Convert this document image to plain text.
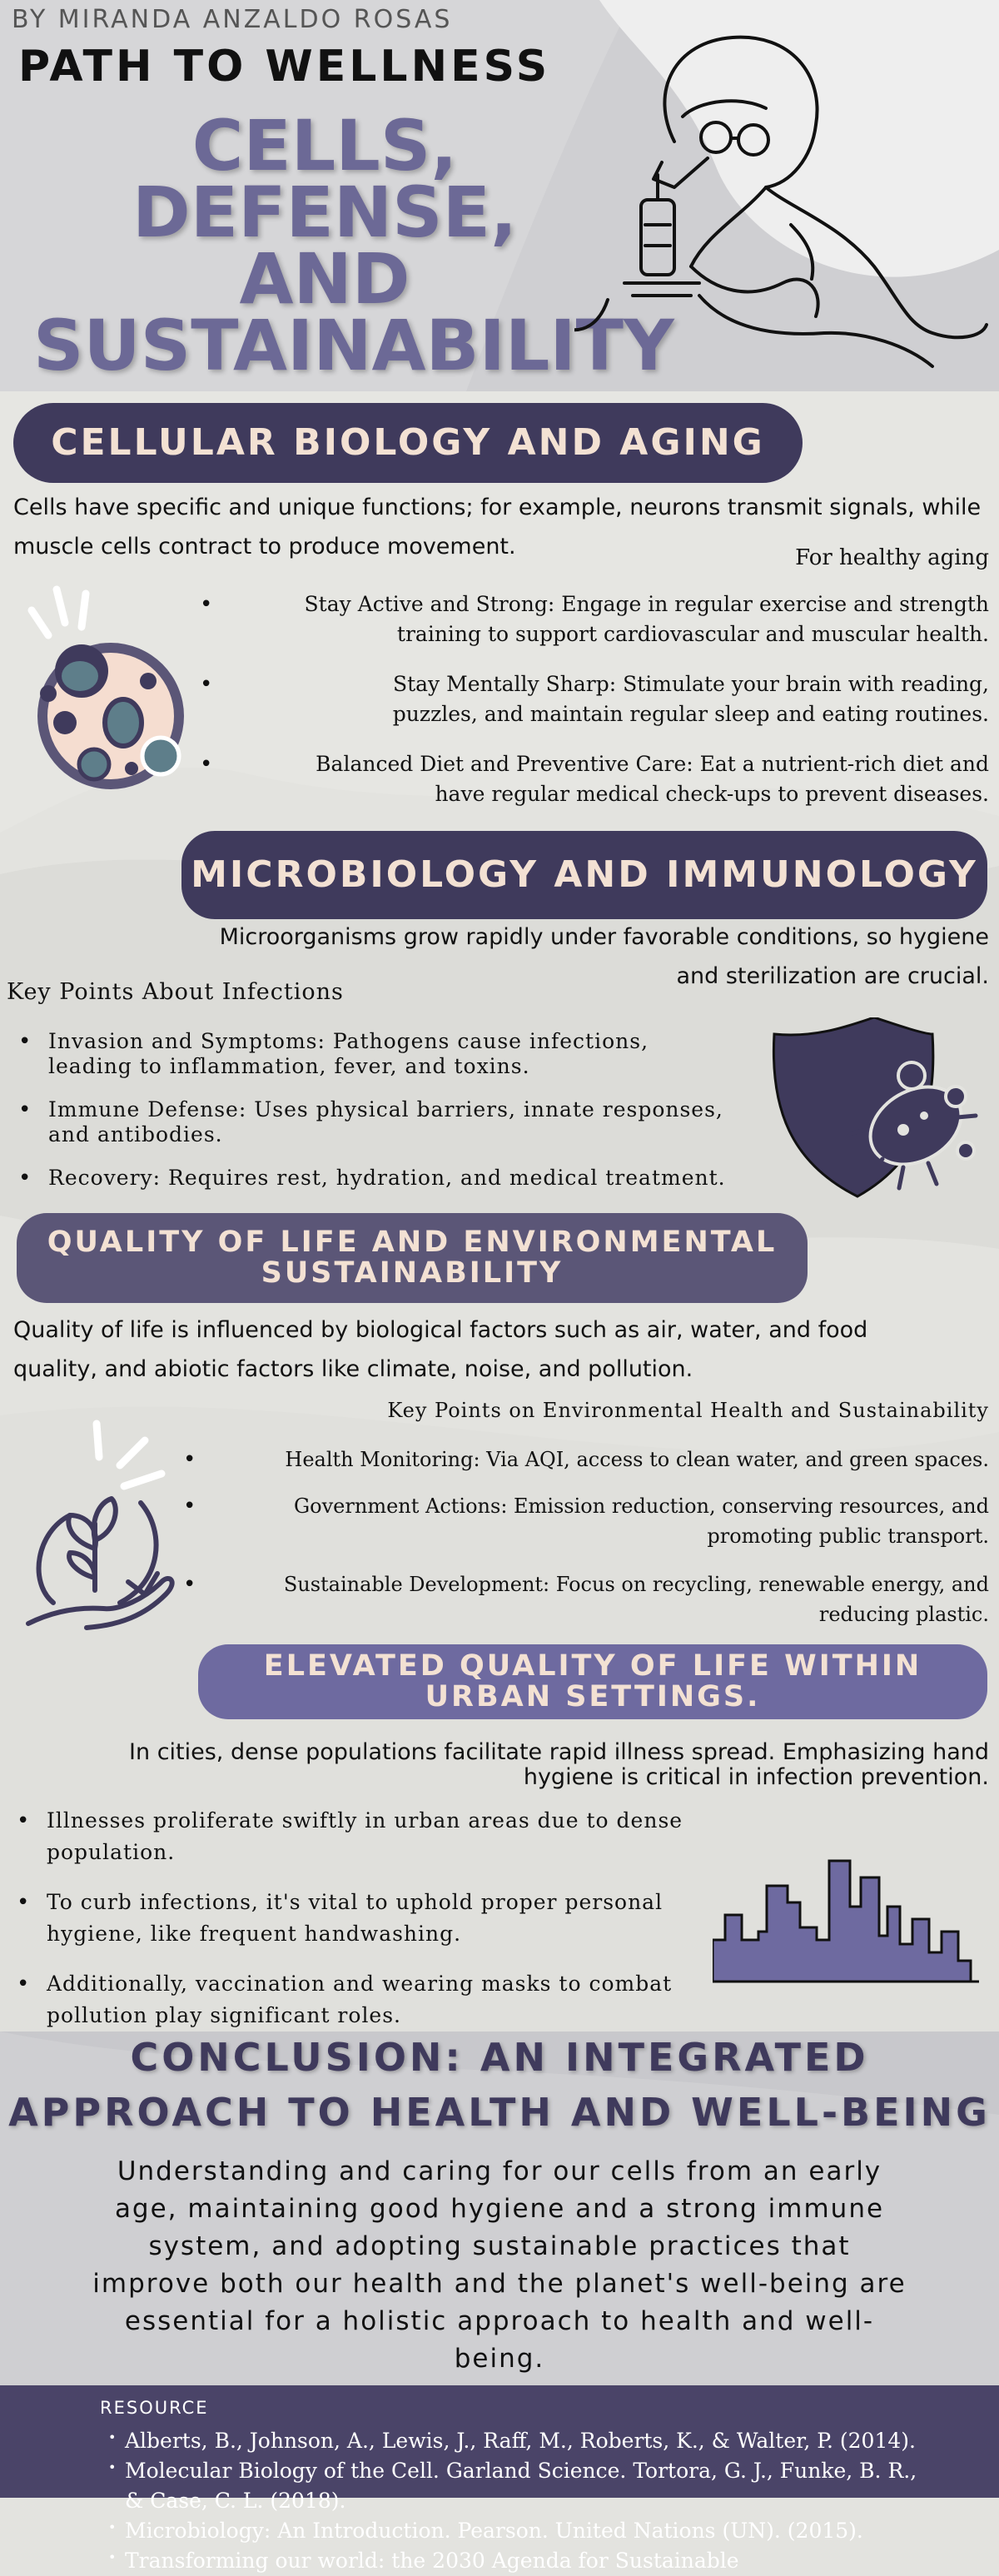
BY MIRANDA ANZALDO ROSAS
PATH TO WELLNESS
CELLS, DEFENSE,
AND
SUSTAINABILITY
CELLULAR BIOLOGY AND AGING
Cells have specific and unique functions; for example, neurons transmit signals, while
muscle cells contract to produce movement.	For healthy aging
•	Stay Active and Strong: Engage in regular exercise and strength
training to support cardiovascular and muscular health.
•	Stay Mentally Sharp: Stimulate your brain with reading,
puzzles, and maintain regular sleep and eating routines.
•	Balanced Diet and Preventive Care: Eat a nutrient-rich diet and
have regular medical check-ups to prevent diseases.
MICROBIOLOGY AND IMMUNOLOGY
Microorganisms grow rapidly under favorable conditions, so hygiene
and sterilization are crucial.
Key Points About Infections
• Invasion and Symptoms: Pathogens cause infections,
leading to inflammation, fever, and toxins.
• Immune Defense: Uses physical barriers, innate responses,
and antibodies.
• Recovery: Requires rest, hydration, and medical treatment.
QUALITY OF LIFE AND ENVIRONMENTAL
SUSTAINABILITY
Quality of life is influenced by biological factors such as air, water, and food
quality, and abiotic factors like climate, noise, and pollution.
Key Points on Environmental Health and Sustainability
•	Health Monitoring: Via AQI, access to clean water, and green spaces.
•	Government Actions: Emission reduction, conserving resources, and
promoting public transport.
•	Sustainable Development: Focus on recycling, renewable energy, and
reducing plastic.
ELEVATED QUALITY OF LIFE WITHIN
URBAN SETTINGS.
In cities, dense populations facilitate rapid illness spread. Emphasizing hand
hygiene is critical in infection prevention.
• Illnesses proliferate swiftly in urban areas due to dense
population.
• To curb infections, it's vital to uphold proper personal
hygiene, like frequent handwashing.
• Additionally, vaccination and wearing masks to combat
pollution play significant roles.
CONCLUSION: AN INTEGRATED
APPROACH TO HEALTH AND WELL-BEING
Understanding and caring for our cells from an early
age, maintaining good hygiene and a strong immune
system, and adopting sustainable practices that
improve both our health and the planet's well-being are
essential for a holistic approach to health and well-
being.
RESOURCE
• Alberts, B., Johnson, A., Lewis, J., Raff, M., Roberts, K., & Walter, P. (2014).
• Molecular Biology of the Cell. Garland Science. Tortora, G. J., Funke, B. R., & Case, C. L. (2018).
• Microbiology: An Introduction. Pearson. United Nations (UN). (2015).
• Transforming our world: the 2030 Agenda for Sustainable
